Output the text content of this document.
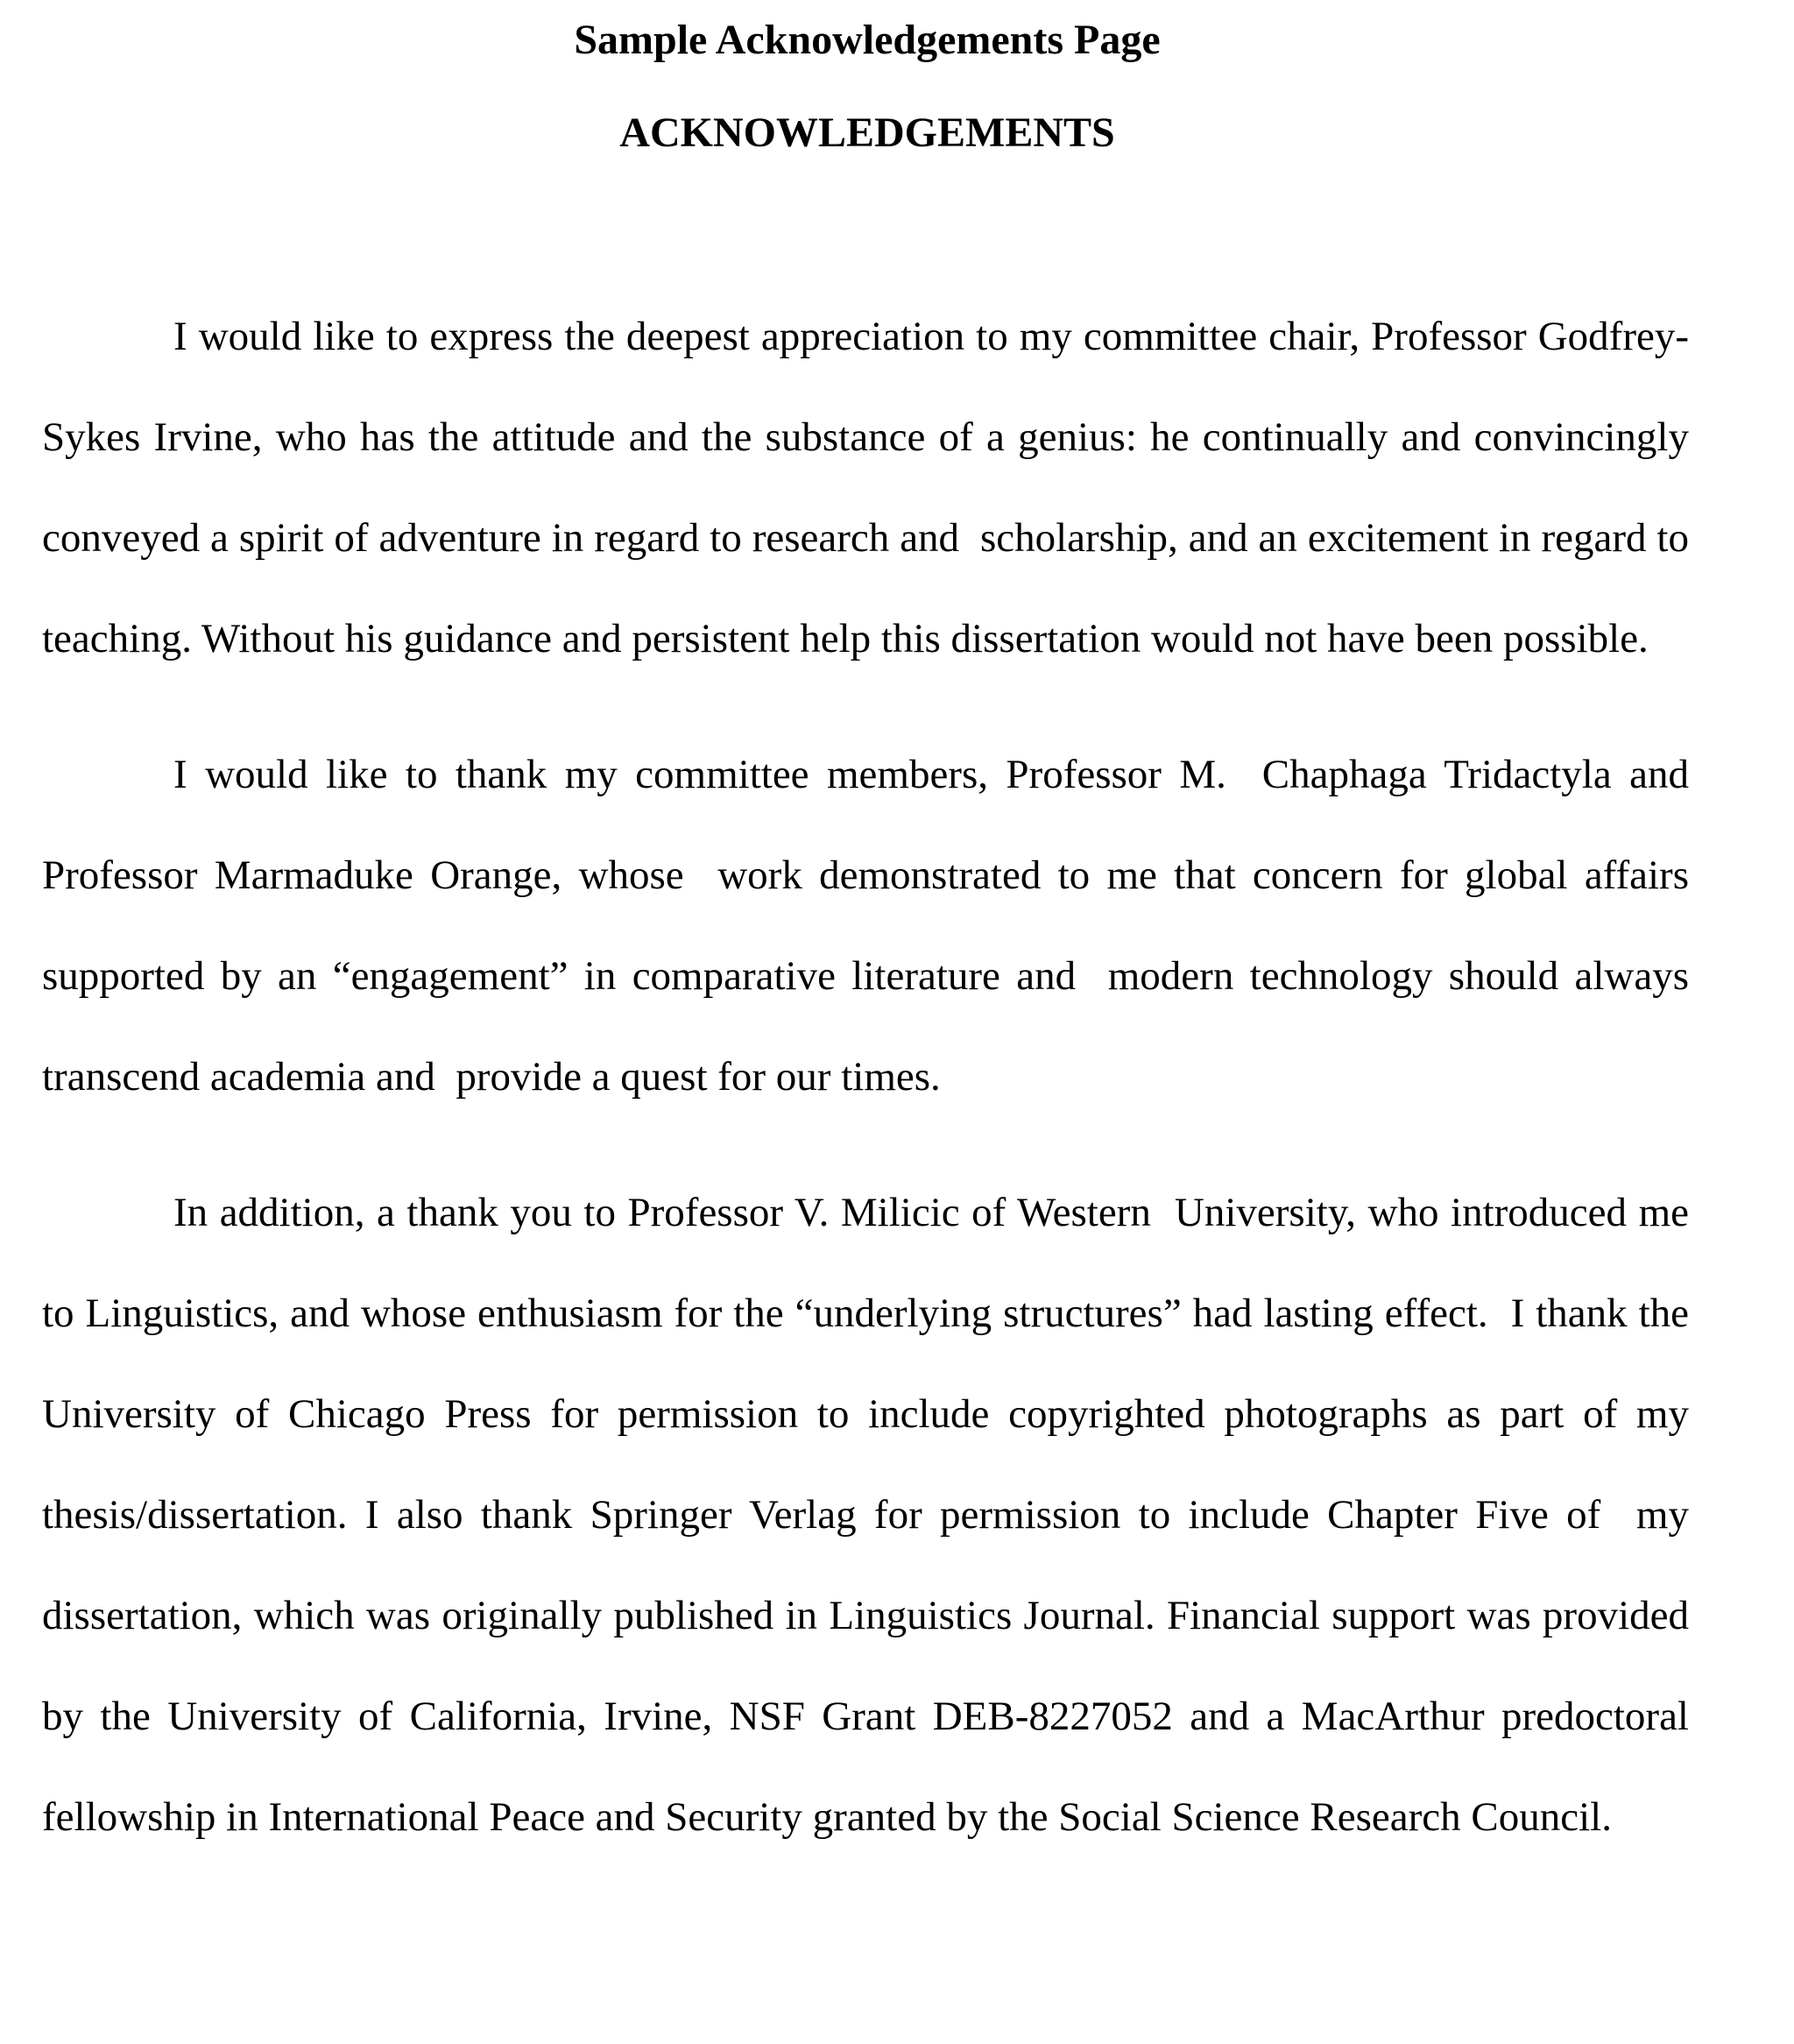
Sample Acknowledgements Page
ACKNOWLEDGEMENTS

I would like to express the deepest appreciation to my committee chair, Professor Godfrey-Sykes Irvine, who has the attitude and the substance of a genius: he continually and convincingly conveyed a spirit of adventure in regard to research and  scholarship, and an excitement in regard to teaching. Without his guidance and persistent help this dissertation would not have been possible.

I would like to thank my committee members, Professor M.  Chaphaga Tridactyla and Professor Marmaduke Orange, whose  work demonstrated to me that concern for global affairs  supported by an “engagement” in comparative literature and  modern technology should always transcend academia and  provide a quest for our times.

In addition, a thank you to Professor V. Milicic of Western  University, who introduced me to Linguistics, and whose enthusiasm for the “underlying structures” had lasting effect.  I thank the University of Chicago Press for permission to include copyrighted photographs as part of my thesis/dissertation. I also thank Springer Verlag for permission to include Chapter Five of  my dissertation, which was originally published in Linguistics Journal. Financial support was provided by the University of California, Irvine, NSF Grant DEB-8227052 and a MacArthur predoctoral fellowship in International Peace and Security granted by the Social Science Research Council.
